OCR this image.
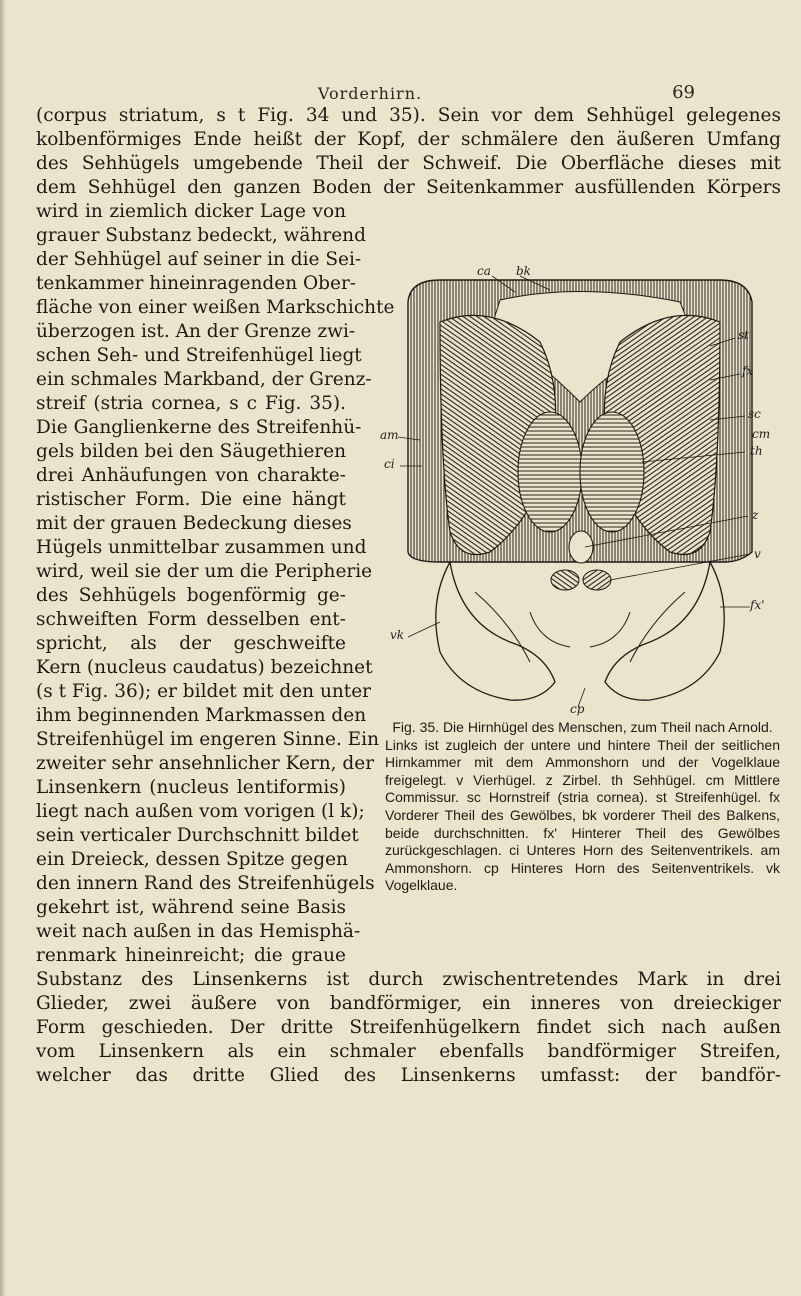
Vorderhirn.	69
(corpus striatum, s t Fig. 34 und 35). Sein vor dem Sehhügel gelegenes
kolbenförmiges Ende heißt der Kopf, der schmälere den äußeren Umfang
des Sehhügels umgebende Theil der Schweif. Die Oberfläche dieses mit
dem Sehhügel den ganzen Boden der Seitenkammer ausfüllenden Körpers
wird in ziemlich dicker Lage von
grauer Substanz bedeckt, während
der Sehhügel auf seiner in die Sei-
tenkammer hineinragenden Ober-
fläche von einer weißen Markschichte
überzogen ist. An der Grenze zwi-
schen Seh- und Streifenhügel liegt
ein schmales Markband, der Grenz-
streif (stria cornea, s c Fig. 35).
Die Ganglienkerne des Streifenhü-
gels bilden bei den Säugethieren
drei Anhäufungen von charakte-
ristischer Form. Die eine hängt
mit der grauen Bedeckung dieses
Hügels unmittelbar zusammen und
wird, weil sie der um die Peripherie
des Sehhügels bogenförmig ge-
schweiften Form desselben ent-
spricht, als der geschweifte
Kern (nucleus caudatus) bezeichnet
(s t Fig. 36); er bildet mit den unter
ihm beginnenden Markmassen den
Streifenhügel im engeren Sinne. Ein
zweiter sehr ansehnlicher Kern, der
Linsenkern (nucleus lentiformis)
liegt nach außen vom vorigen (l k);
sein verticaler Durchschnitt bildet
ein Dreieck, dessen Spitze gegen
den innern Rand des Streifenhügels
gekehrt ist, während seine Basis
weit nach außen in das Hemisphä-
renmark hineinreicht; die graue
Substanz des Linsenkerns ist durch zwischentretendes Mark in drei
Glieder, zwei äußere von bandförmiger, ein inneres von dreieckiger
Form geschieden. Der dritte Streifenhügelkern findet sich nach außen
vom Linsenkern als ein schmaler ebenfalls bandförmiger Streifen,
welcher das dritte Glied des Linsenkerns umfasst: der bandför-
ca bk
st
fx
sc
cm
th
z
v
fx'
am
ci
vk
cp
Fig. 35. Die Hirnhügel des Menschen, zum Theil nach Arnold.
Links ist zugleich der untere und hintere Theil der seitlichen Hirnkammer mit dem Ammonshorn und der Vogelklaue freigelegt. v Vierhügel. z Zirbel. th Sehhügel. cm Mittlere Commissur. sc Hornstreif (stria cornea). st Streifenhügel. fx Vorderer Theil des Gewölbes, bk vorderer Theil des Balkens, beide durchschnitten. fx' Hinterer Theil des Gewölbes zurückgeschlagen. ci Unteres Horn des Seitenventrikels. am Ammonshorn. cp Hinteres Horn des Seitenventrikels. vk Vogelklaue.
